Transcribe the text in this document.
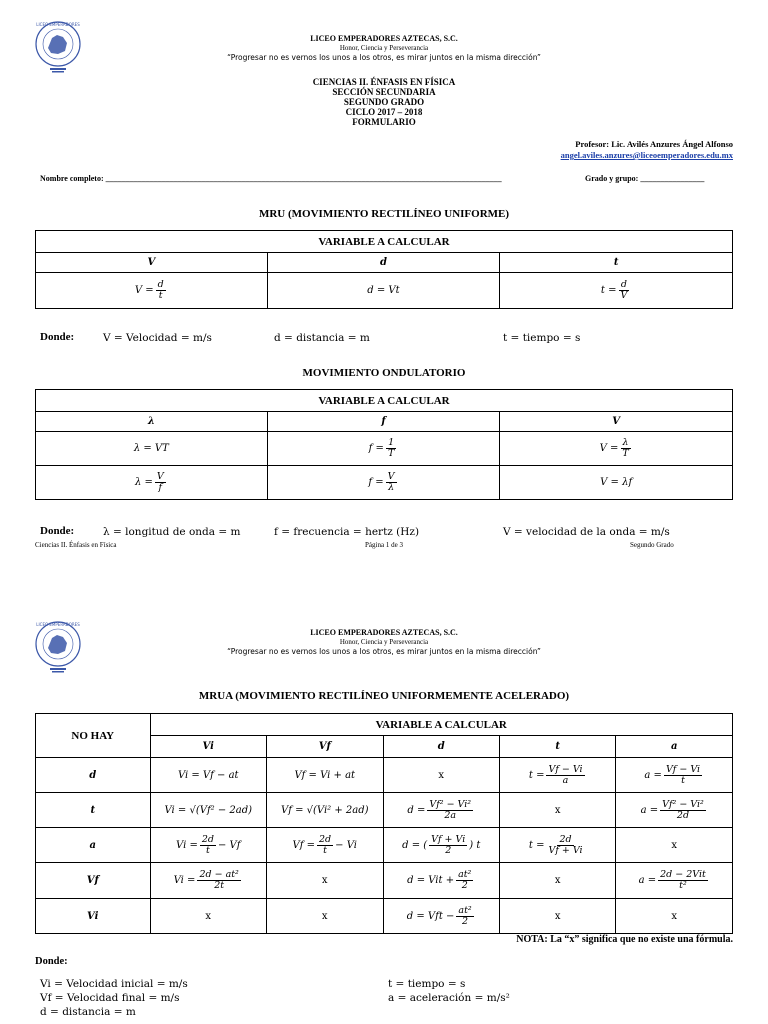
LICEO EMPERADORES
LICEO EMPERADORES AZTECAS, S.C.
Honor, Ciencia y Perseverancia
“Progresar no es vernos los unos a los otros, es mirar juntos en la misma dirección”
CIENCIAS II. ÉNFASIS EN FÍSICA
SECCIÓN SECUNDARIA
SEGUNDO GRADO
CICLO 2017 – 2018
FORMULARIO
Profesor: Lic. Avilés Anzures Ángel Alfonso
angel.aviles.anzures@liceoemperadores.edu.mx
Nombre completo: ___________________________________________________________________________________________________	Grado y grupo: ________________
MRU (MOVIMIENTO RECTILÍNEO UNIFORME)
VARIABLE A CALCULAR		
V	d	t
$V = \frac{d}{t}$	d = Vt	$t = \frac{d}{V}$
Donde:	V = Velocidad = m/s	d = distancia = m	t = tiempo = s
MOVIMIENTO ONDULATORIO
VARIABLE A CALCULAR		
λ	f	V
λ = VT	$f = \frac{1}{T}$	$V = \frac{\lambda}{T}$

$\lambda = \frac{V}{f}$	$f = \frac{V}{\lambda}$	V = λf
Donde:	λ = longitud de onda = m	f = frecuencia = hertz (Hz)	V = velocidad de la onda = m/s
Ciencias II. Énfasis en Física	Página 1 de 3	Segundo Grado
LICEO EMPERADORES
LICEO EMPERADORES AZTECAS, S.C.
Honor, Ciencia y Perseverancia
“Progresar no es vernos los unos a los otros, es mirar juntos en la misma dirección”
MRUA (MOVIMIENTO RECTILÍNEO UNIFORMEMENTE ACELERADO)
NO HAY	VARIABLE A CALCULAR				
	Vi	Vf	d	t	a
d	Vi = Vf − at	Vf = Vi + at	x	$t = \frac{Vf - Vi}{a}$	$a = \frac{Vf - Vi}{t}$

t	Vi = √(Vf² − 2ad)	Vf = √(Vi² + 2ad)	$d = \frac{\text{Vf² − Vi²}}{2a}$	x	$a = \frac{\text{Vf² − Vi²}}{2d}$

a	$Vi = \frac{2d}{t} - Vf$	$Vf = \frac{2d}{t} - Vi$	d = ( $\frac{Vf + Vi}{2}$ ) t	$t = \frac{2d}{Vf + Vi}$	x
Vf	$Vi = \frac{\text{2d − at²}}{2t}$	x	d = Vit + $\frac{\text{at²}}{2}$	x	$a = \frac{\text{2d − 2Vit}}{\text{t²}}$

Vi	x	x	d = Vft − $\frac{\text{at²}}{2}$	x	x
NOTA: La “x” significa que no existe una fórmula.
Donde:
Vi = Velocidad inicial = m/s
Vf = Velocidad final = m/s
d = distancia = m
t = tiempo = s
a = aceleración = m/s²
